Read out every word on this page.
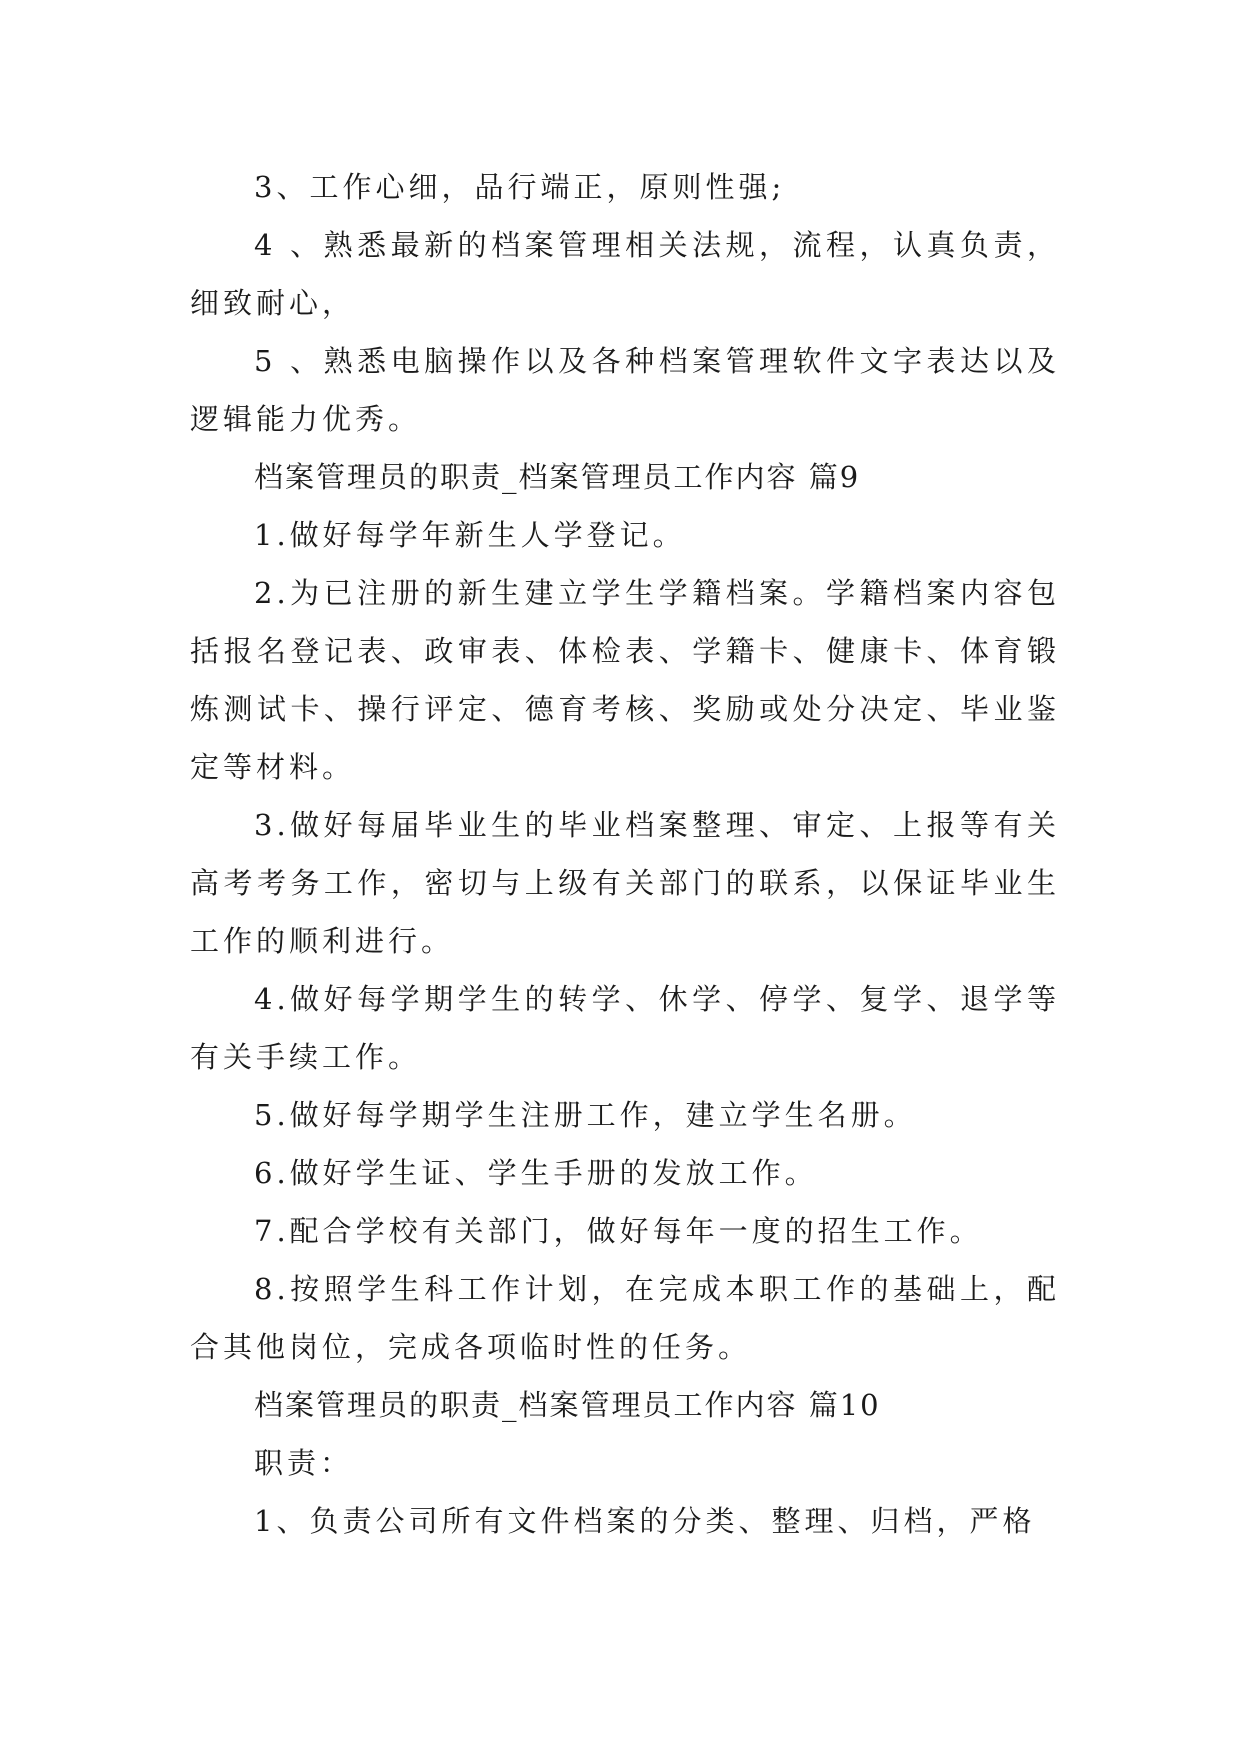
3、工作心细，品行端正，原则性强;

4 、熟悉最新的档案管理相关法规，流程，认真负责，细致耐心，

5 、熟悉电脑操作以及各种档案管理软件文字表达以及逻辑能力优秀。

档案管理员的职责_档案管理员工作内容 篇9

1.做好每学年新生人学登记。

2.为已注册的新生建立学生学籍档案。学籍档案内容包括报名登记表、政审表、体检表、学籍卡、健康卡、体育锻炼测试卡、操行评定、德育考核、奖励或处分决定、毕业鉴定等材料。

3.做好每届毕业生的毕业档案整理、审定、上报等有关高考考务工作，密切与上级有关部门的联系，以保证毕业生工作的顺利进行。

4.做好每学期学生的转学、休学、停学、复学、退学等有关手续工作。

5.做好每学期学生注册工作，建立学生名册。

6.做好学生证、学生手册的发放工作。

7.配合学校有关部门，做好每年一度的招生工作。

8.按照学生科工作计划，在完成本职工作的基础上，配合其他岗位，完成各项临时性的任务。

档案管理员的职责_档案管理员工作内容 篇10

职责：

1、负责公司所有文件档案的分类、整理、归档，严格
